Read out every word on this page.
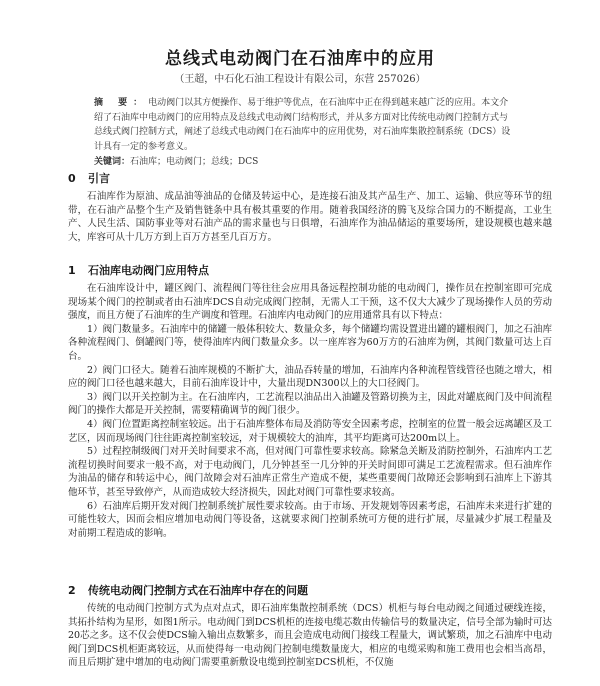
总线式电动阀门在石油库中的应用
（王超，中石化石油工程设计有限公司，东营 257026）
摘 要：电动阀门以其方便操作、易于维护等优点，在石油库中正在得到越来越广泛的应用。本文介绍了石油库中电动阀门的应用特点及总线式电动阀门结构形式，并从多方面对比传统电动阀门控制方式与总线式阀门控制方式，阐述了总线式电动阀门在石油库中的应用优势，对石油库集散控制系统（DCS）设计具有一定的参考意义。
关键词：石油库；电动阀门；总线；DCS
0 引言

石油库作为原油、成品油等油品的仓储及转运中心，是连接石油及其产品生产、加工、运输、供应等环节的纽带，在石油产品整个生产及销售链条中具有极其重要的作用。随着我国经济的腾飞及综合国力的不断提高，工业生产、人民生活、国防事业等对石油产品的需求量也与日俱增，石油库作为油品储运的重要场所，建设规模也越来越大，库容可从十几万方到上百万方甚至几百万方。

1 石油库电动阀门应用特点

在石油库设计中，罐区阀门、流程阀门等往往会应用具备远程控制功能的电动阀门，操作员在控制室即可完成现场某个阀门的控制或者由石油库DCS自动完成阀门控制，无需人工干预，这不仅大大减少了现场操作人员的劳动强度，而且方便了石油库的生产调度和管理。石油库内电动阀门的应用通常具有以下特点：

1）阀门数量多。石油库中的储罐一般体积较大、数量众多，每个储罐均需设置进出罐的罐根阀门，加之石油库各种流程阀门、倒罐阀门等，使得油库内阀门数量众多。以一座库容为60万方的石油库为例，其阀门数量可达上百台。

2）阀门口径大。随着石油库规模的不断扩大，油品吞转量的增加，石油库内各种流程管线管径也随之增大，相应的阀门口径也越来越大，目前石油库设计中，大量出现DN300以上的大口径阀门。

3）阀门以开关控制为主。在石油库内，工艺流程以油品出入油罐及管路切换为主，因此对罐底阀门及中间流程阀门的操作大都是开关控制，需要精确调节的阀门很少。

4）阀门位置距离控制室较远。出于石油库整体布局及消防等安全因素考虑，控制室的位置一般会远离罐区及工艺区，因而现场阀门往往距离控制室较远，对于规模较大的油库，其平均距离可达200m以上。

5）过程控制级阀门对开关时间要求不高，但对阀门可靠性要求较高。除紧急关断及消防控制外，石油库内工艺流程切换时间要求一般不高，对于电动阀门，几分钟甚至一几分钟的开关时间即可满足工艺流程需求。但石油库作为油品的储存和转运中心，阀门故障会对石油库正常生产造成不便，某些重要阀门故障还会影响到石油库上下游其他环节，甚至导致停产，从而造成较大经济损失，因此对阀门可靠性要求较高。

6）石油库后期开发对阀门控制系统扩展性要求较高。由于市场、开发规划等因素考虑，石油库未来进行扩建的可能性较大，因而会相应增加电动阀门等设备，这就要求阀门控制系统可方便的进行扩展，尽量减少扩展工程量及对前期工程造成的影响。

2 传统电动阀门控制方式在石油库中存在的问题

传统的电动阀门控制方式为点对点式，即石油库集散控制系统（DCS）机柜与每台电动阀之间通过硬线连接，其拓扑结构为星形，如图1所示。电动阀门到DCS机柜的连接电缆芯数由传输信号的数量决定，信号全部为输时可达20芯之多。这不仅会使DCS输入输出点数繁多，而且会造成电动阀门接线工程量大，调试繁琐，加之石油库中电动阀门到DCS机柜距离较远，从而使得每一电动阀门控制电缆数量庞大，相应的电缆采购和施工费用也会相当高昂，而且后期扩建中增加的电动阀门需要重新敷设电缆到控制室DCS机柜，不仅施
